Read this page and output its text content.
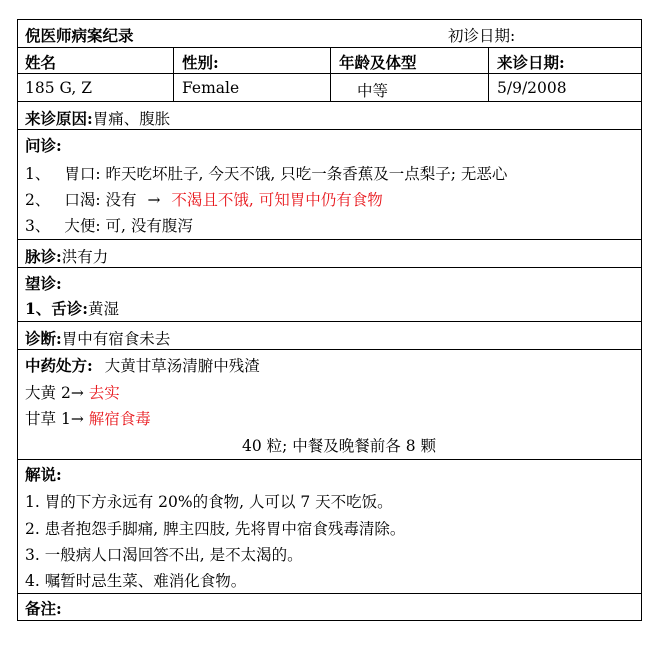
倪医师病案纪录	初诊日期:
姓名	性别:	年龄及体型	来诊日期:
185 G, Z	Female	中等	5/9/2008
来诊原因:胃痛、腹胀
问诊:
1、 胃口: 昨天吃坏肚子, 今天不饿, 只吃一条香蕉及一点梨子; 无恶心
2、 口渴: 没有 → 不渴且不饿, 可知胃中仍有食物
3、 大便: 可, 没有腹泻
脉诊:洪有力
望诊:
1、舌诊:黄湿
诊断:胃中有宿食未去
中药处方: 大黄甘草汤清腑中残渣
大黄 2→ 去实
甘草 1→ 解宿食毒
40 粒; 中餐及晚餐前各 8 颗
解说:
1. 胃的下方永远有 20%的食物, 人可以 7 天不吃饭。
2. 患者抱怨手脚痛, 脾主四肢, 先将胃中宿食残毒清除。
3. 一般病人口渴回答不出, 是不太渴的。
4. 嘱暂时忌生菜、难消化食物。
备注:
